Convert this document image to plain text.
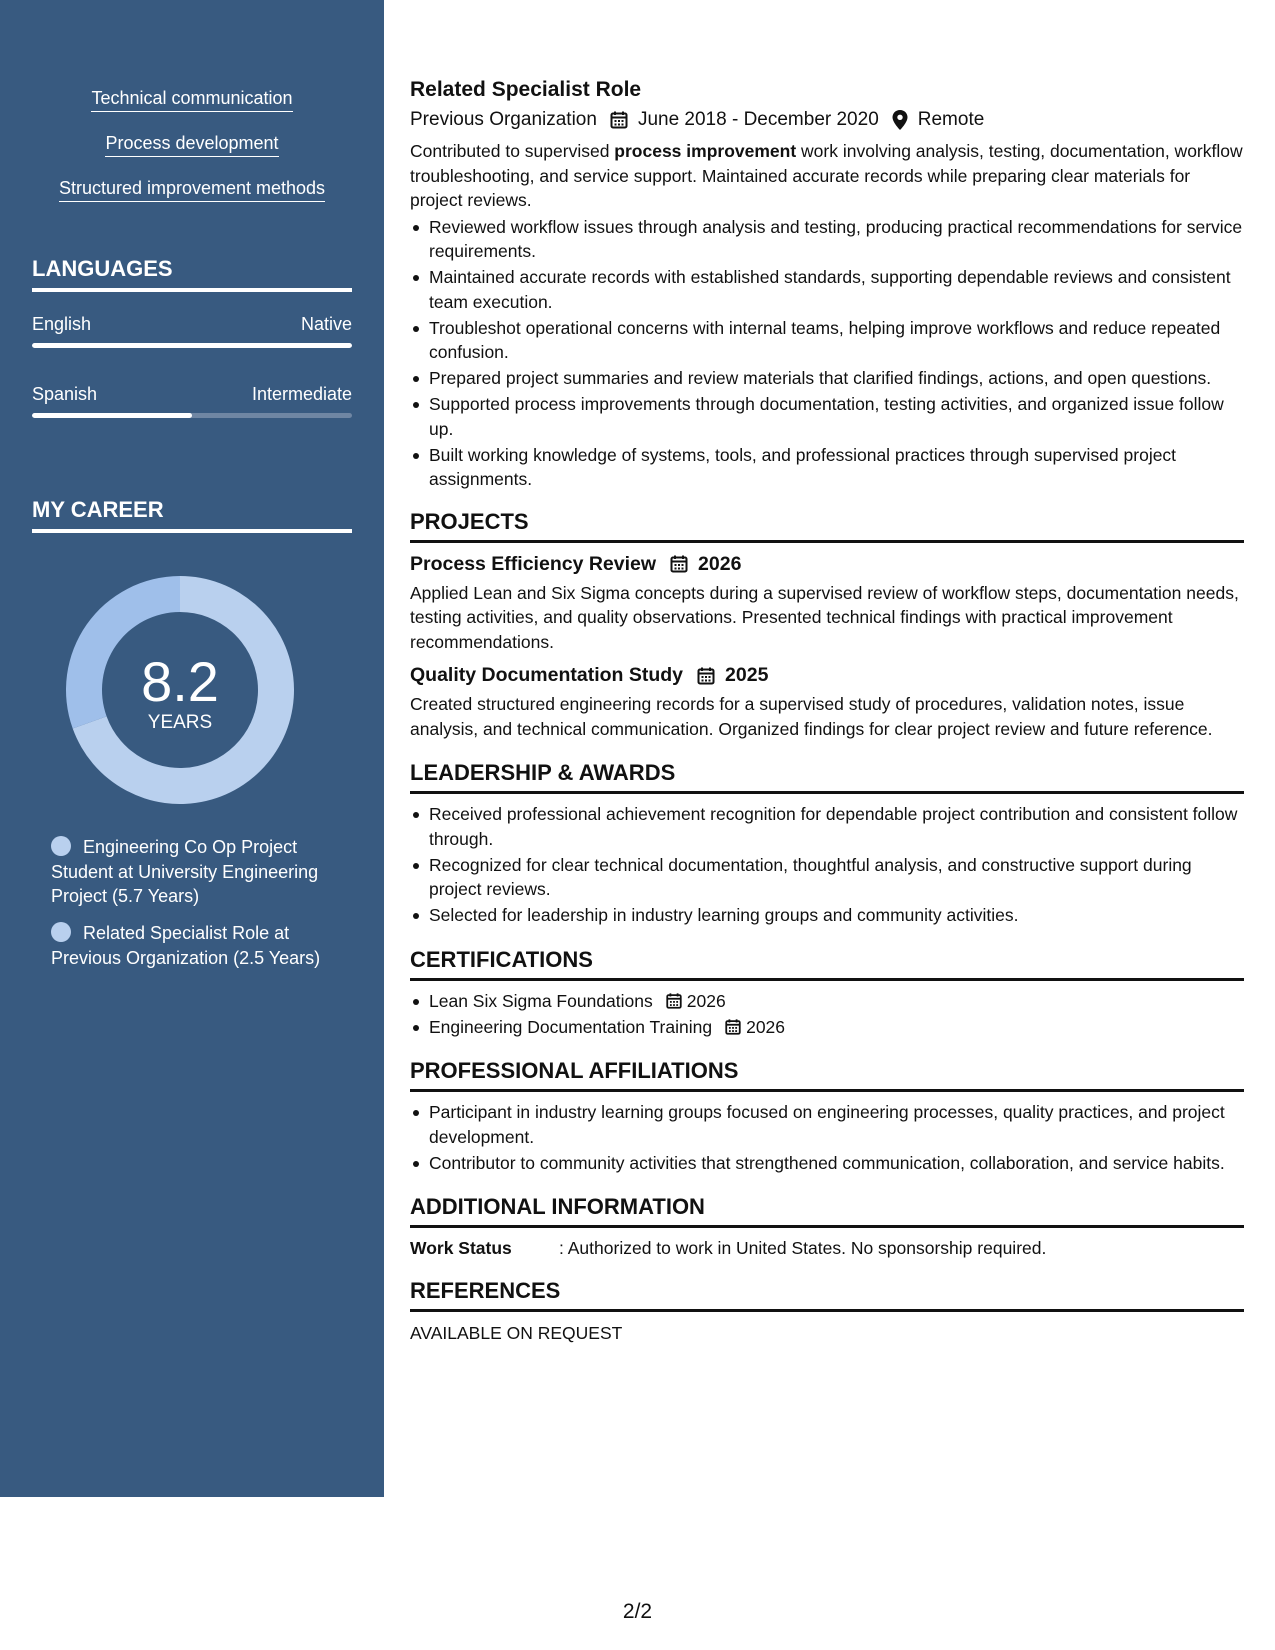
Technical communication
Process development
Structured improvement methods
LANGUAGES
English	Native
Spanish	Intermediate
MY CAREER
8.2
YEARS
Engineering Co Op Project Student at University Engineering Project (5.7 Years)
Related Specialist Role at Previous Organization (2.5 Years)
Related Specialist Role
Previous Organization June 2018 - December 2020 Remote

Contributed to supervised process improvement work involving analysis, testing, documentation, workflow troubleshooting, and service support. Maintained accurate records while preparing clear materials for project reviews.

Reviewed workflow issues through analysis and testing, producing practical recommendations for service requirements.
Maintained accurate records with established standards, supporting dependable reviews and consistent team execution.
Troubleshot operational concerns with internal teams, helping improve workflows and reduce repeated confusion.
Prepared project summaries and review materials that clarified findings, actions, and open questions.
Supported process improvements through documentation, testing activities, and organized issue follow up.
Built working knowledge of systems, tools, and professional practices through supervised project assignments.
PROJECTS
Process Efficiency Review 2026

Applied Lean and Six Sigma concepts during a supervised review of workflow steps, documentation needs, testing activities, and quality observations. Presented technical findings with practical improvement recommendations.

Quality Documentation Study 2025

Created structured engineering records for a supervised study of procedures, validation notes, issue analysis, and technical communication. Organized findings for clear project review and future reference.

LEADERSHIP & AWARDS
Received professional achievement recognition for dependable project contribution and consistent follow through.
Recognized for clear technical documentation, thoughtful analysis, and constructive support during project reviews.
Selected for leadership in industry learning groups and community activities.
CERTIFICATIONS
Lean Six Sigma Foundations 2026
Engineering Documentation Training 2026
PROFESSIONAL AFFILIATIONS
Participant in industry learning groups focused on engineering processes, quality practices, and project development.
Contributor to community activities that strengthened communication, collaboration, and service habits.
ADDITIONAL INFORMATION
Work Status	: Authorized to work in United States. No sponsorship required.
REFERENCES
AVAILABLE ON REQUEST
2/2
